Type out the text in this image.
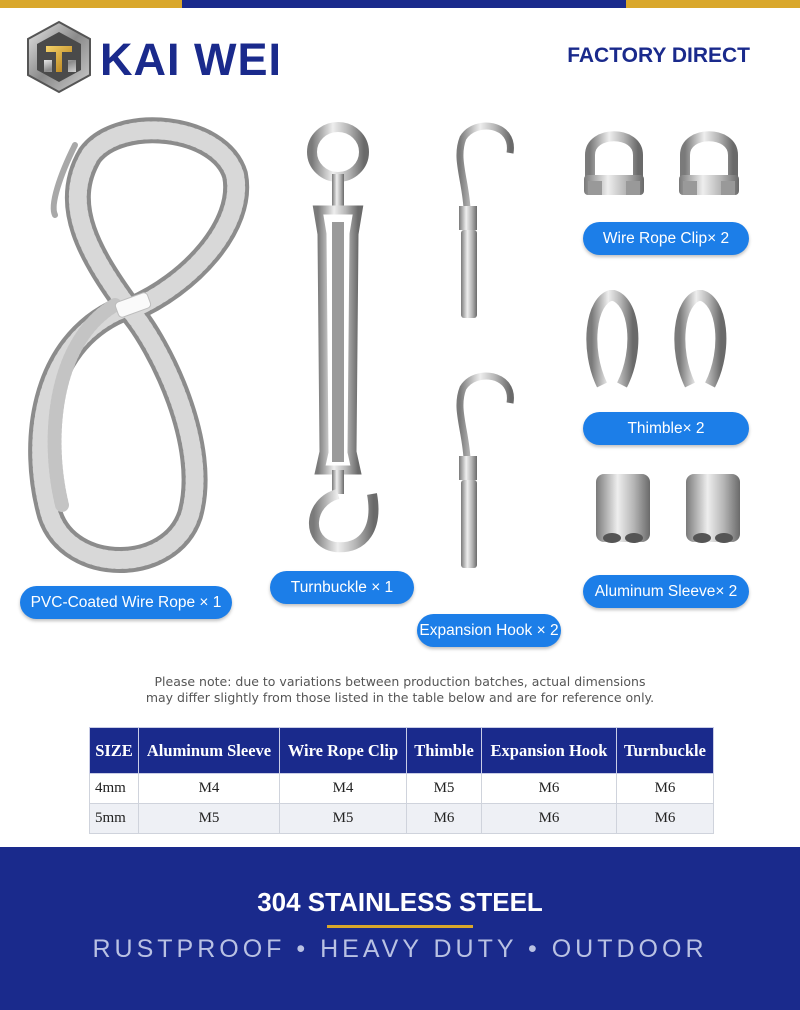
KAI WEI	FACTORY DIRECT
PVC-Coated Wire Rope × 1
Turnbuckle × 1
Expansion Hook × 2
Wire Rope Clip× 2
Thimble× 2
Aluminum Sleeve× 2
Please note: due to variations between production batches, actual dimensions
may differ slightly from those listed in the table below and are for reference only.
SIZE	Aluminum Sleeve	Wire Rope Clip	Thimble	Expansion Hook	Turnbuckle
4mm	M4	M4	M5	M6	M6
5mm	M5	M5	M6	M6	M6
304 STAINLESS STEEL
RUSTPROOF • HEAVY DUTY • OUTDOOR
